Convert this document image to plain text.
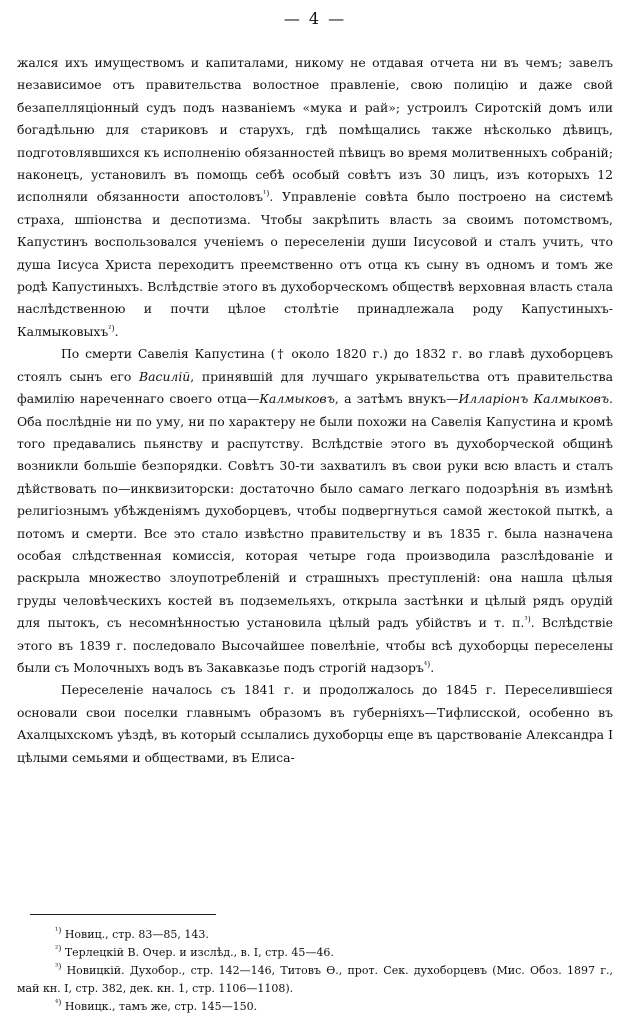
— 4 —

жался ихъ имуществомъ и капиталами, никому не отдавая отчета ни въ чемъ; завелъ независимое отъ правительства волостное правленіе, свою полицію и даже свой безапелляціонный судъ подъ названіемъ «мука и рай»; устроилъ Сиротскій домъ или богадѣльню для стариковъ и старухъ, гдѣ помѣщались также нѣсколько дѣвицъ, подготовлявшихся къ исполненію обязанностей пѣвицъ во время молитвенныхъ собраній; наконецъ, установилъ въ помощь себѣ особый совѣтъ изъ 30 лицъ, изъ которыхъ 12 исполняли обязанности апостоловъ$^{^1)}$. Управленіе совѣта было построено на системѣ страха, шпіонства и деспотизма. Чтобы закрѣпить власть за своимъ потомствомъ, Капустинъ воспользовался ученіемъ о переселеніи души Іисусовой и сталъ учить, что душа Іисуса Христа переходитъ преемственно отъ отца къ сыну въ одномъ и томъ же родѣ Капустиныхъ. Вслѣдствіе этого въ духоборческомъ обществѣ верховная власть стала наслѣдственною и почти цѣлое столѣтіе принадлежала роду Капустиныхъ-Калмыковыхъ$^{^2)}$.

По смерти Савелія Капустина († около 1820 г.) до 1832 г. во главѣ духоборцевъ стоялъ сынъ его Василій, принявшій для лучшаго укрывательства отъ правительства фамилію нареченнаго своего отца—Калмыковъ, а затѣмъ внукъ—Илларіонъ Калмыковъ. Оба послѣдніе ни по уму, ни по характеру не были похожи на Савелія Капустина и кромѣ того предавались пьянству и распутству. Вслѣдствіе этого въ духоборческой общинѣ возникли большіе безпорядки. Совѣтъ 30-ти захватилъ въ свои руки всю власть и сталъ дѣйствовать по—инквизиторски: достаточно было самаго легкаго подозрѣнія въ измѣнѣ религіознымъ убѣжденіямъ духоборцевъ, чтобы подвергнуться самой жестокой пыткѣ, а потомъ и смерти. Все это стало извѣстно правительству и въ 1835 г. была назначена особая слѣдственная комиссія, которая четыре года производила разслѣдованіе и раскрыла множество злоупотребленій и страшныхъ преступленій: она нашла цѣлыя груды человѣческихъ костей въ подземельяхъ, открыла застѣнки и цѣлый рядъ орудій для пытокъ, съ несомнѣнностью установила цѣлый радъ убійствъ и т. п.$^{^3)}$. Вслѣдствіе этого въ 1839 г. последовало Высочайшее повелѣніе, чтобы всѣ духоборцы переселены были съ Молочныхъ водъ въ Закавказье подъ строгій надзоръ$^{^4)}$.

Переселеніе началось съ 1841 г. и продолжалось до 1845 г. Переселившіеся основали свои поселки главнымъ образомъ въ губерніяхъ—Тифлисской, особенно въ Ахалцыхскомъ уѣздѣ, въ который ссылались духоборцы еще въ царствованіе Александра I цѣлыми семьями и обществами, въ Елиса-

$^{^1)}$ Новиц., стр. 83—85, 143.

$^{^2)}$ Терлецкій В. Очер. и изслѣд., в. I, стр. 45—46.

$^{^3)}$ Новицкій. Духобор., стр. 142—146, Титовъ Ѳ., прот. Сек. духоборцевъ (Мис. Обоз. 1897 г., май кн. I, стр. 382, дек. кн. 1, стр. 1106—1108).

$^{^4)}$ Новицк., тамъ же, стр. 145—150.
